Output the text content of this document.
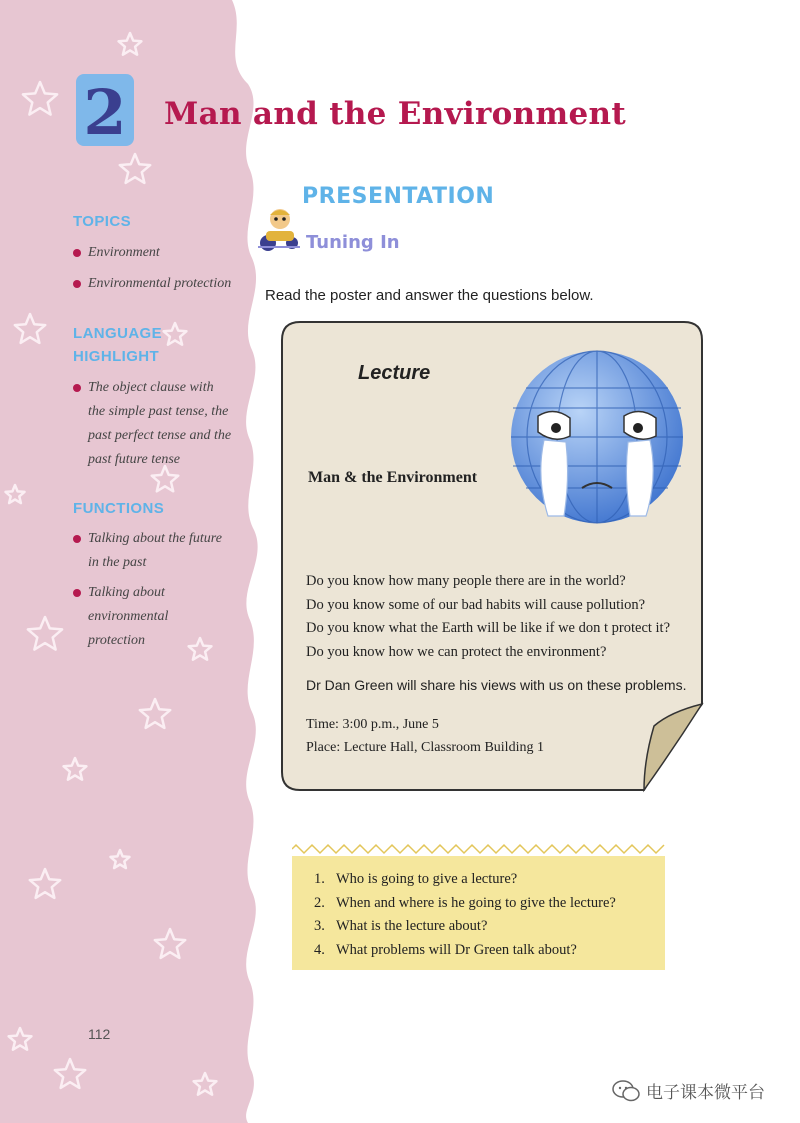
2 Man and the Environment
TOPICS
Environment
Environmental protection
LANGUAGE
HIGHLIGHT
The object clause with
the simple past tense, the
past perfect tense and the
past future tense
FUNCTIONS
Talking about the future
in the past
Talking about
environmental
protection
PRESENTATION
Tuning In
Read the poster and answer the questions below.
Lecture
Man & the Environment
Do you know how many people there are in the world?
Do you know some of our bad habits will cause pollution?
Do you know what the Earth will be like if we don t protect it?
Do you know how we can protect the environment?
Dr Dan Green will share his views with us on these problems.
Time: 3:00 p.m., June 5
Place: Lecture Hall, Classroom Building 1
1. Who is going to give a lecture?
2. When and where is he going to give the lecture?
3. What is the lecture about?
4. What problems will Dr Green talk about?
112
电子课本微平台
